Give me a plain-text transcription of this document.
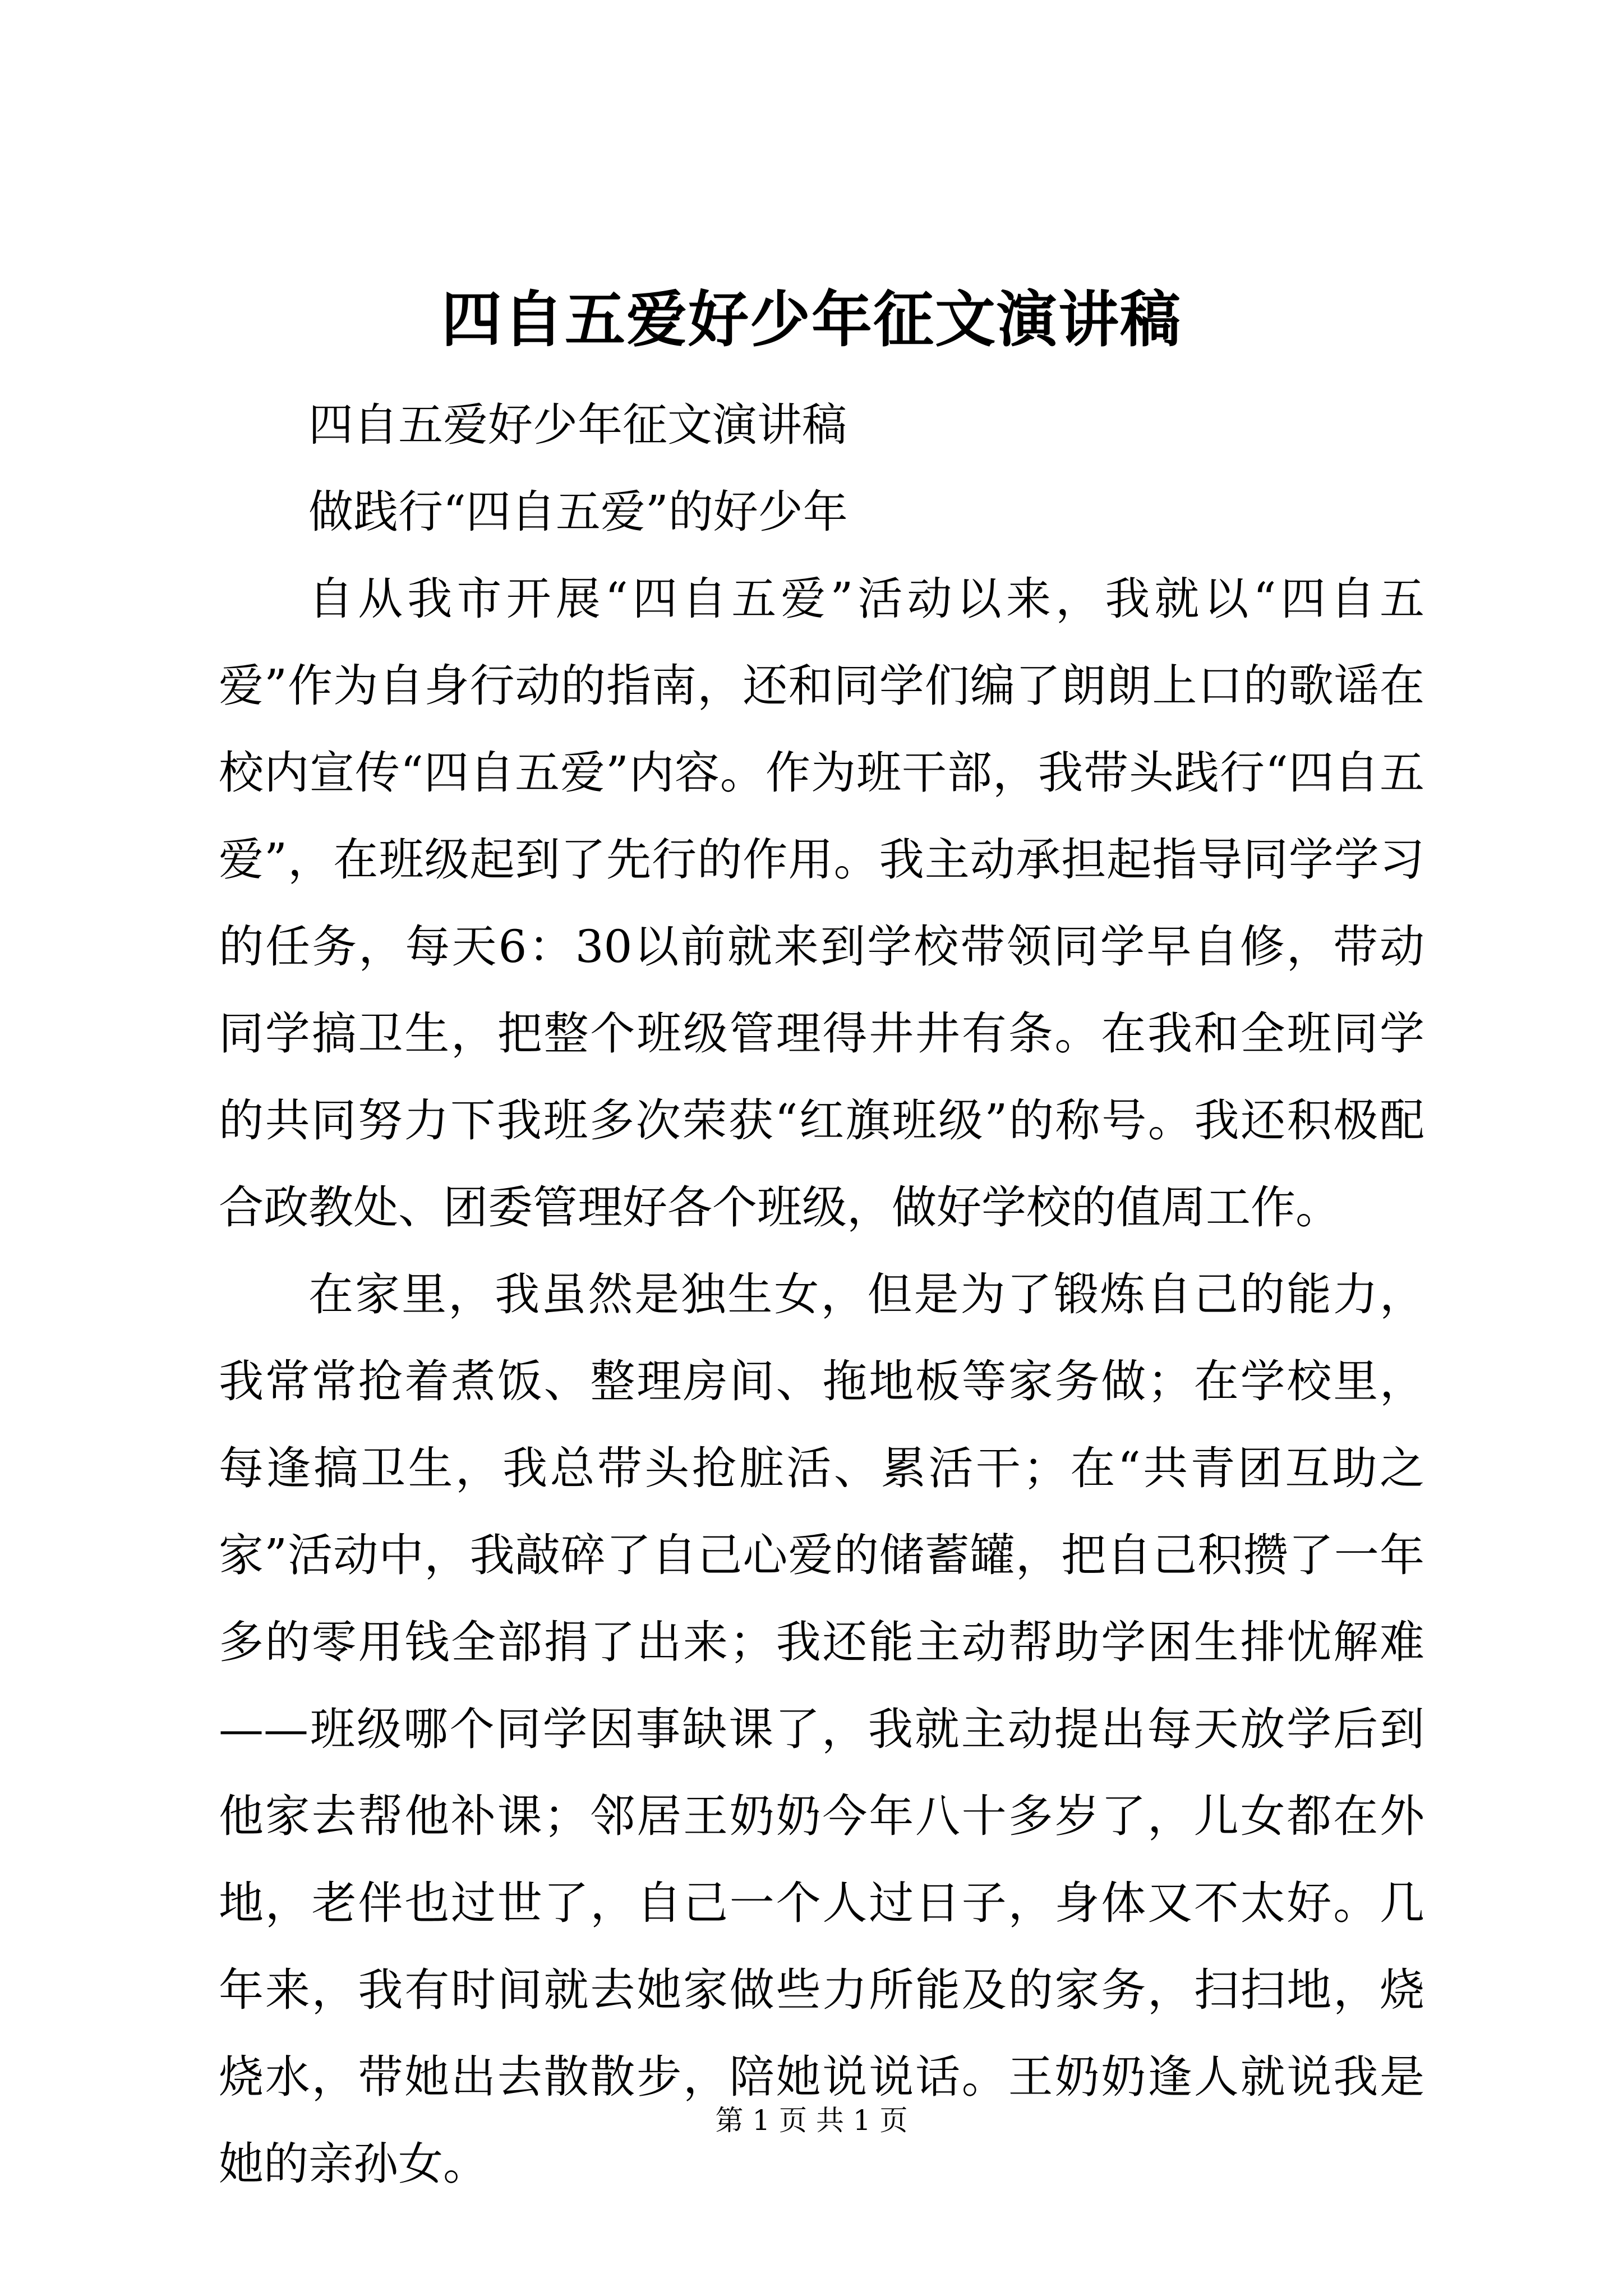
四自五爱好少年征文演讲稿

四自五爱好少年征文演讲稿

做践行“四自五爱”的好少年

自从我市开展“四自五爱”活动以来，我就以“四自五爱”作为自身行动的指南，还和同学们编了朗朗上口的歌谣在校内宣传“四自五爱”内容。作为班干部，我带头践行“四自五爱”，在班级起到了先行的作用。我主动承担起指导同学学习的任务，每天6：30以前就来到学校带领同学早自修，带动同学搞卫生，把整个班级管理得井井有条。在我和全班同学的共同努力下我班多次荣获“红旗班级”的称号。我还积极配合政教处、团委管理好各个班级，做好学校的值周工作。

在家里，我虽然是独生女，但是为了锻炼自己的能力，我常常抢着煮饭、整理房间、拖地板等家务做；在学校里，每逢搞卫生，我总带头抢脏活、累活干；在“共青团互助之家”活动中，我敲碎了自己心爱的储蓄罐，把自己积攒了一年多的零用钱全部捐了出来；我还能主动帮助学困生排忧解难——班级哪个同学因事缺课了，我就主动提出每天放学后到他家去帮他补课；邻居王奶奶今年八十多岁了，儿女都在外地，老伴也过世了，自己一个人过日子，身体又不太好。几年来，我有时间就去她家做些力所能及的家务，扫扫地，烧烧水，带她出去散散步，陪她说说话。王奶奶逢人就说我是她的亲孙女。

第 1 页 共 1 页
